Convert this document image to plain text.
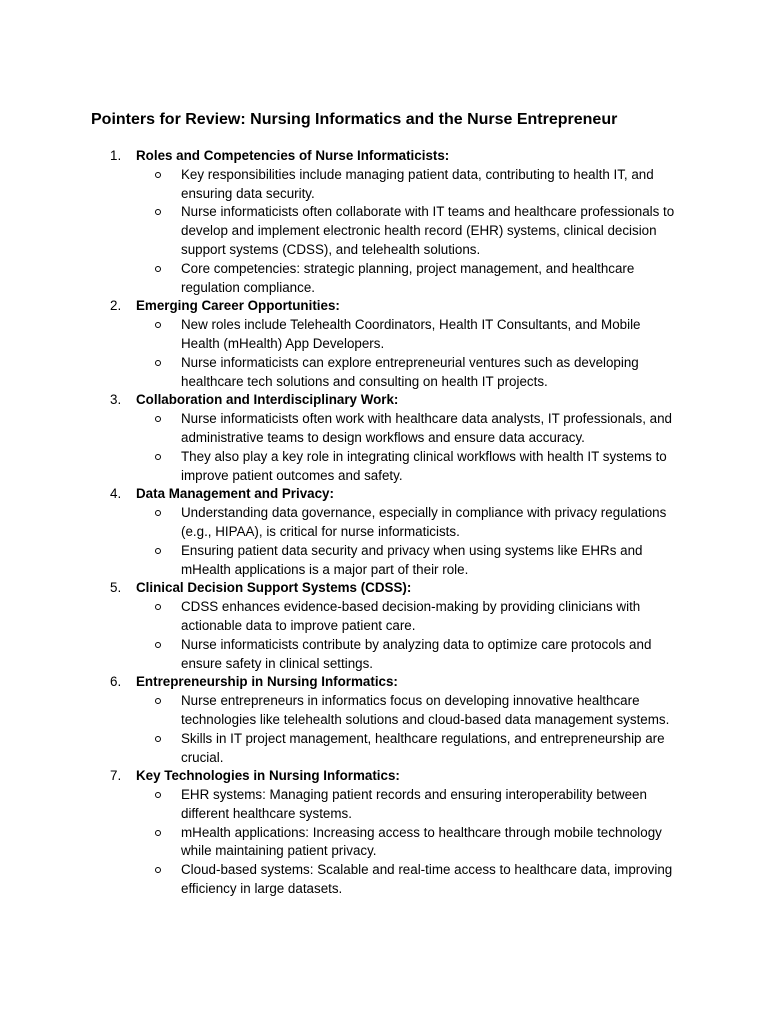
Pointers for Review: Nursing Informatics and the Nurse Entrepreneur
1. Roles and Competencies of Nurse Informaticists:
Key responsibilities include managing patient data, contributing to health IT, and ensuring data security.
Nurse informaticists often collaborate with IT teams and healthcare professionals to develop and implement electronic health record (EHR) systems, clinical decision support systems (CDSS), and telehealth solutions.
Core competencies: strategic planning, project management, and healthcare regulation compliance.
2. Emerging Career Opportunities:
New roles include Telehealth Coordinators, Health IT Consultants, and Mobile Health (mHealth) App Developers.
Nurse informaticists can explore entrepreneurial ventures such as developing healthcare tech solutions and consulting on health IT projects.
3. Collaboration and Interdisciplinary Work:
Nurse informaticists often work with healthcare data analysts, IT professionals, and administrative teams to design workflows and ensure data accuracy.
They also play a key role in integrating clinical workflows with health IT systems to improve patient outcomes and safety.
4. Data Management and Privacy:
Understanding data governance, especially in compliance with privacy regulations (e.g., HIPAA), is critical for nurse informaticists.
Ensuring patient data security and privacy when using systems like EHRs and mHealth applications is a major part of their role.
5. Clinical Decision Support Systems (CDSS):
CDSS enhances evidence-based decision-making by providing clinicians with actionable data to improve patient care.
Nurse informaticists contribute by analyzing data to optimize care protocols and ensure safety in clinical settings.
6. Entrepreneurship in Nursing Informatics:
Nurse entrepreneurs in informatics focus on developing innovative healthcare technologies like telehealth solutions and cloud-based data management systems.
Skills in IT project management, healthcare regulations, and entrepreneurship are crucial.
7. Key Technologies in Nursing Informatics:
EHR systems: Managing patient records and ensuring interoperability between different healthcare systems.
mHealth applications: Increasing access to healthcare through mobile technology while maintaining patient privacy.
Cloud-based systems: Scalable and real-time access to healthcare data, improving efficiency in large datasets.
